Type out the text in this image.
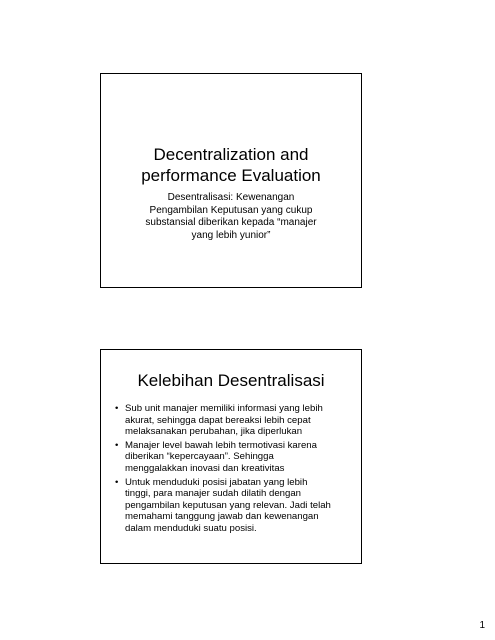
Decentralization and
performance Evaluation
Desentralisasi: Kewenangan
Pengambilan Keputusan yang cukup
substansial diberikan kepada “manajer
yang lebih yunior”
Kelebihan Desentralisasi
• Sub unit manajer memiliki informasi yang lebih
akurat, sehingga dapat bereaksi lebih cepat
melaksanakan perubahan, jika diperlukan
• Manajer level bawah lebih termotivasi karena
diberikan “kepercayaan”. Sehingga
menggalakkan inovasi dan kreativitas
• Untuk menduduki posisi jabatan yang lebih
tinggi, para manajer sudah dilatih dengan
pengambilan keputusan yang relevan. Jadi telah
memahami tanggung jawab dan kewenangan
dalam menduduki suatu posisi.
1
